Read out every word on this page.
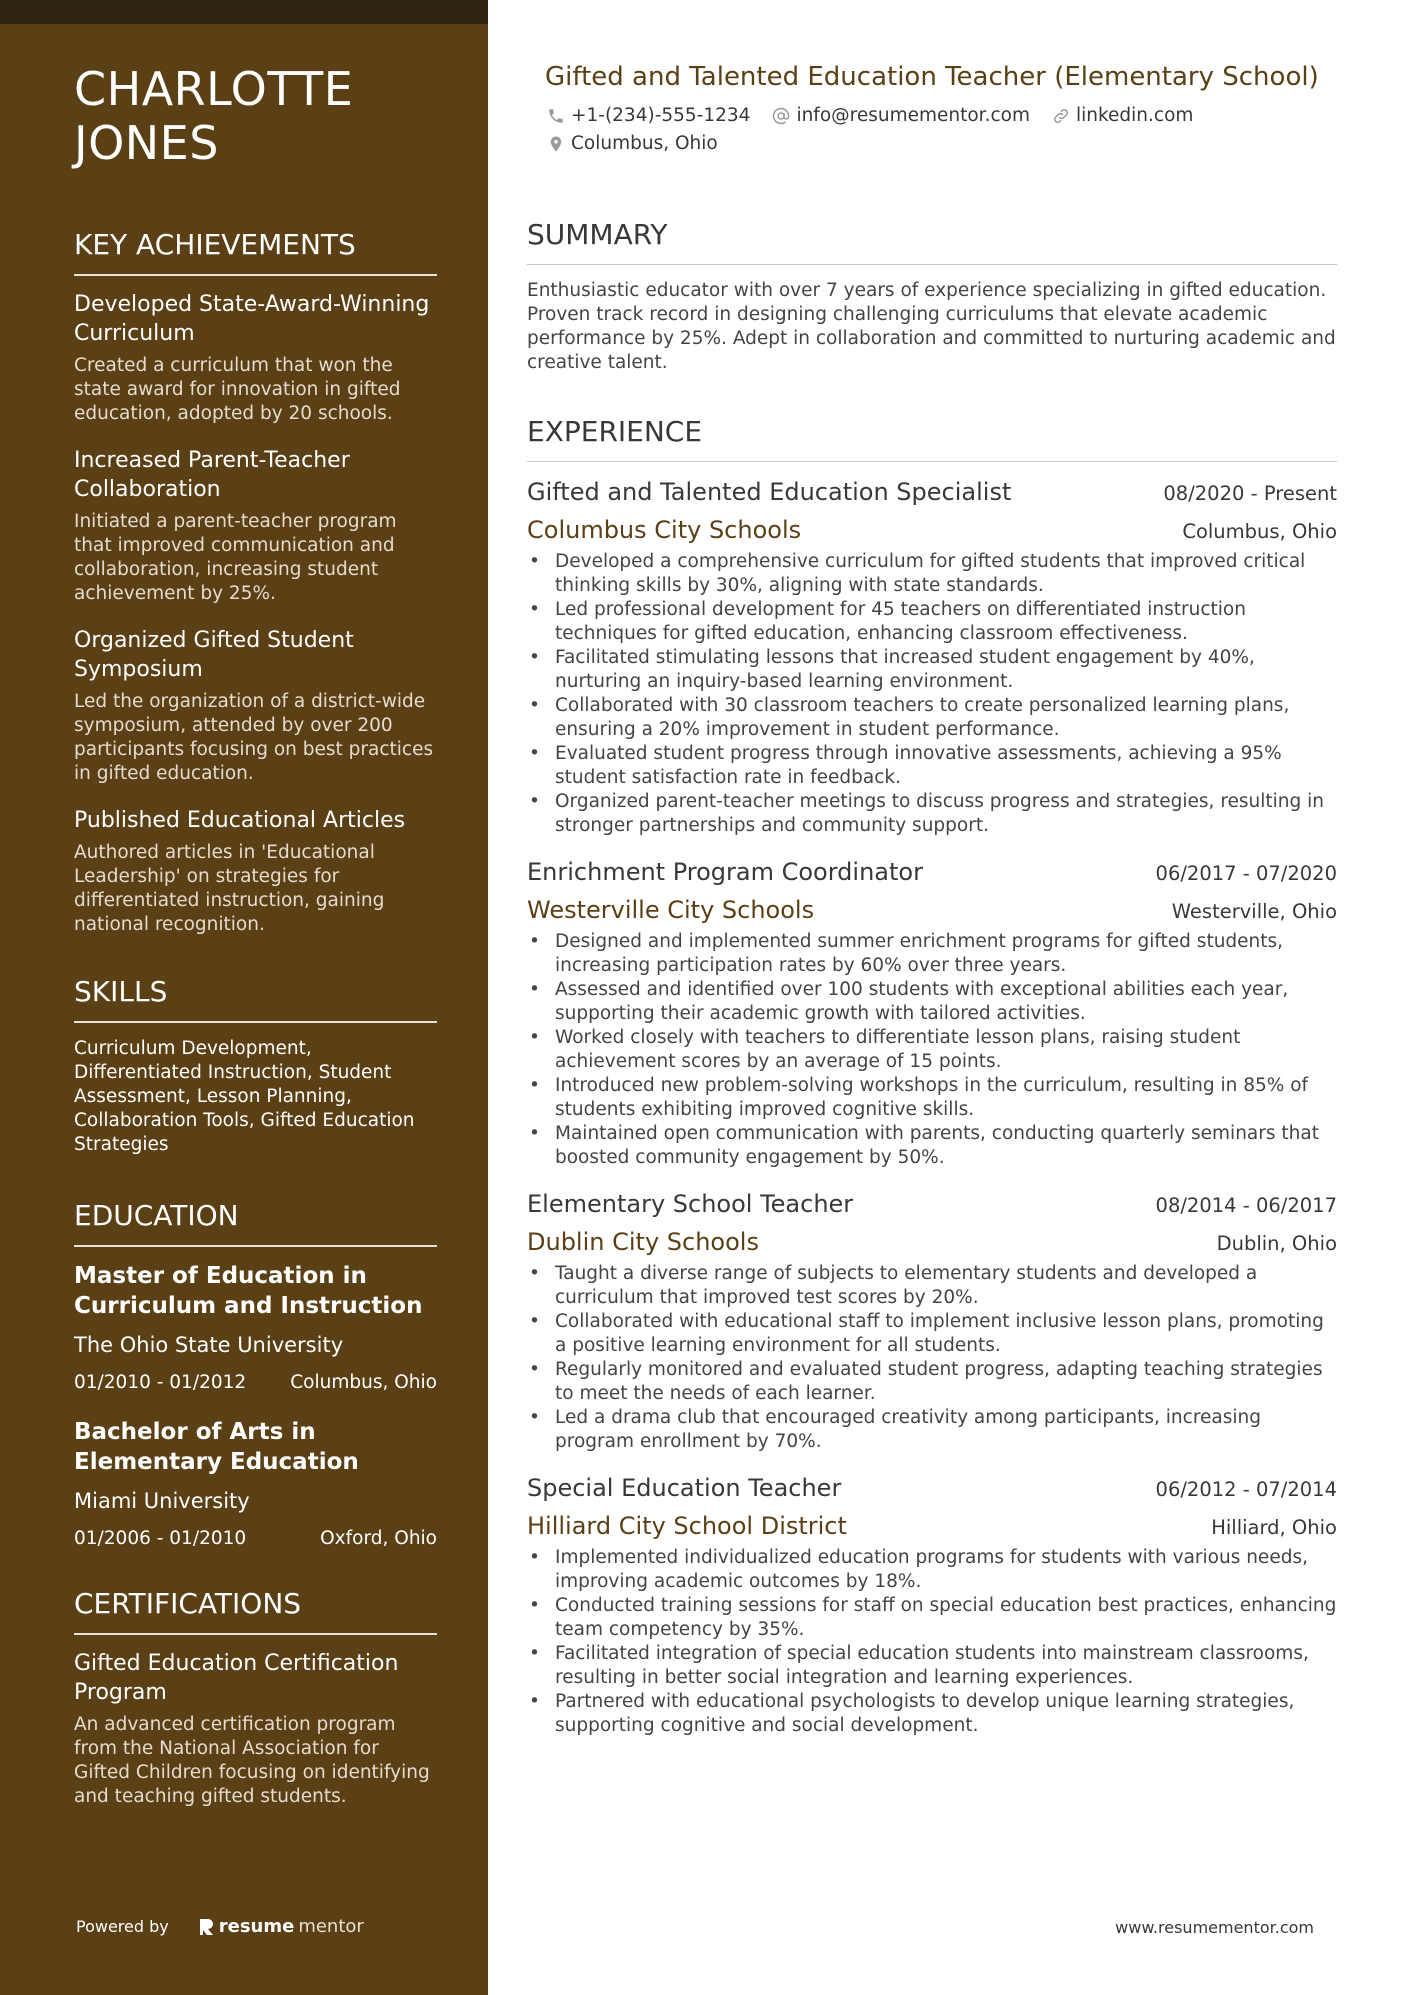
CHARLOTTE
JONES
KEY ACHIEVEMENTS
Developed State-Award-Winning Curriculum
Created a curriculum that won the state award for innovation in gifted education, adopted by 20 schools.
Increased Parent-Teacher Collaboration
Initiated a parent-teacher program that improved communication and collaboration, increasing student achievement by 25%.
Organized Gifted Student Symposium
Led the organization of a district-wide symposium, attended by over 200 participants focusing on best practices in gifted education.
Published Educational Articles
Authored articles in 'Educational Leadership' on strategies for differentiated instruction, gaining national recognition.
SKILLS
Curriculum Development, Differentiated Instruction, Student Assessment, Lesson Planning, Collaboration Tools, Gifted Education Strategies
EDUCATION
Master of Education in Curriculum and Instruction
The Ohio State University
01/2010 - 01/2012 Columbus, Ohio
Bachelor of Arts in Elementary Education
Miami University
01/2006 - 01/2010	Oxford, Ohio
CERTIFICATIONS
Gifted Education Certification Program
An advanced certification program from the National Association for Gifted Children focusing on identifying and teaching gifted students.
Powered by	resume mentor
Gifted and Talented Education Teacher (Elementary School)
+1-(234)-555-1234 info@resumementor.com linkedin.com
Columbus, Ohio
SUMMARY
Enthusiastic educator with over 7 years of experience specializing in gifted education. Proven track record in designing challenging curriculums that elevate academic performance by 25%. Adept in collaboration and committed to nurturing academic and creative talent.
EXPERIENCE
Gifted and Talented Education Specialist	08/2020 - Present
Columbus City Schools	Columbus, Ohio
• Developed a comprehensive curriculum for gifted students that improved critical thinking skills by 30%, aligning with state standards.
• Led professional development for 45 teachers on differentiated instruction techniques for gifted education, enhancing classroom effectiveness.
• Facilitated stimulating lessons that increased student engagement by 40%, nurturing an inquiry-based learning environment.
• Collaborated with 30 classroom teachers to create personalized learning plans, ensuring a 20% improvement in student performance.
• Evaluated student progress through innovative assessments, achieving a 95% student satisfaction rate in feedback.
• Organized parent-teacher meetings to discuss progress and strategies, resulting in stronger partnerships and community support.
Enrichment Program Coordinator	06/2017 - 07/2020
Westerville City Schools	Westerville, Ohio
• Designed and implemented summer enrichment programs for gifted students, increasing participation rates by 60% over three years.
• Assessed and identified over 100 students with exceptional abilities each year, supporting their academic growth with tailored activities.
• Worked closely with teachers to differentiate lesson plans, raising student achievement scores by an average of 15 points.
• Introduced new problem-solving workshops in the curriculum, resulting in 85% of students exhibiting improved cognitive skills.
• Maintained open communication with parents, conducting quarterly seminars that boosted community engagement by 50%.
Elementary School Teacher	08/2014 - 06/2017
Dublin City Schools	Dublin, Ohio
• Taught a diverse range of subjects to elementary students and developed a curriculum that improved test scores by 20%.
• Collaborated with educational staff to implement inclusive lesson plans, promoting a positive learning environment for all students.
• Regularly monitored and evaluated student progress, adapting teaching strategies to meet the needs of each learner.
• Led a drama club that encouraged creativity among participants, increasing program enrollment by 70%.
Special Education Teacher	06/2012 - 07/2014
Hilliard City School District	Hilliard, Ohio
• Implemented individualized education programs for students with various needs, improving academic outcomes by 18%.
• Conducted training sessions for staff on special education best practices, enhancing team competency by 35%.
• Facilitated integration of special education students into mainstream classrooms, resulting in better social integration and learning experiences.
• Partnered with educational psychologists to develop unique learning strategies, supporting cognitive and social development.
www.resumementor.com
